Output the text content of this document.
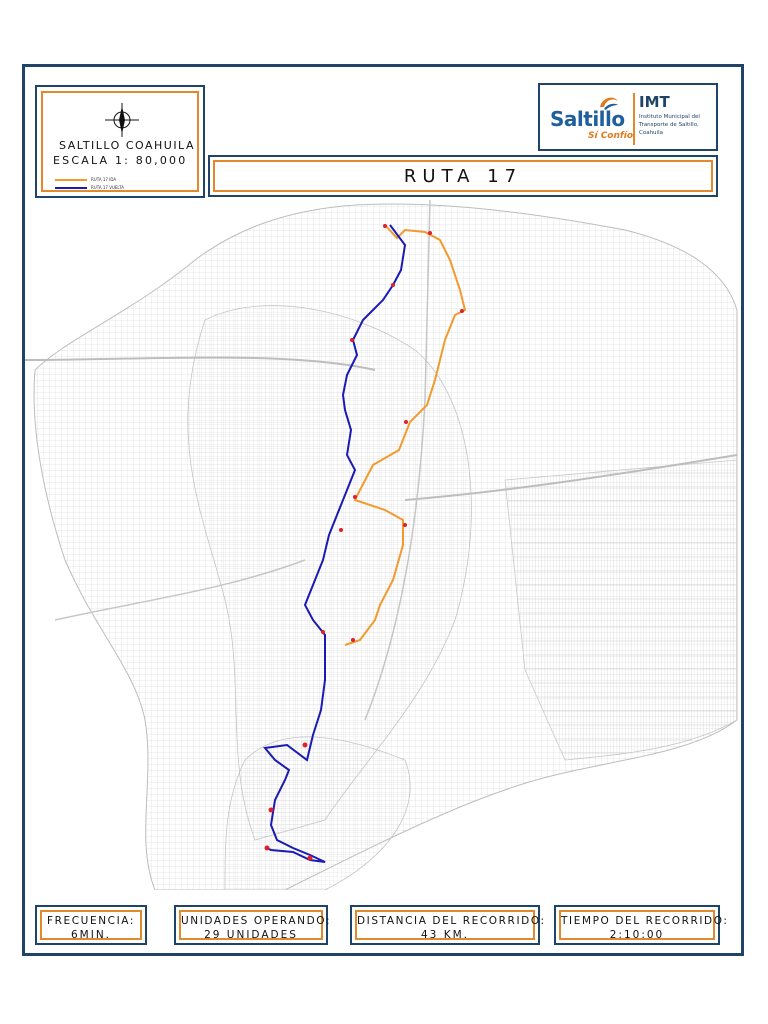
SALTILLO COAHUILA
ESCALA 1: 80,000
RUTA 17 IDA
RUTA 17 VUELTA
Saltillo
Sí Confío
IMT
Instituto Municipal del Transporte de Saltillo, Coahuila
RUTA 17
FRECUENCIA:
6MIN.
UNIDADES OPERANDO:
29 UNIDADES
DISTANCIA DEL RECORRIDO:
43 KM.
TIEMPO DEL RECORRIDO:
2:10:00
